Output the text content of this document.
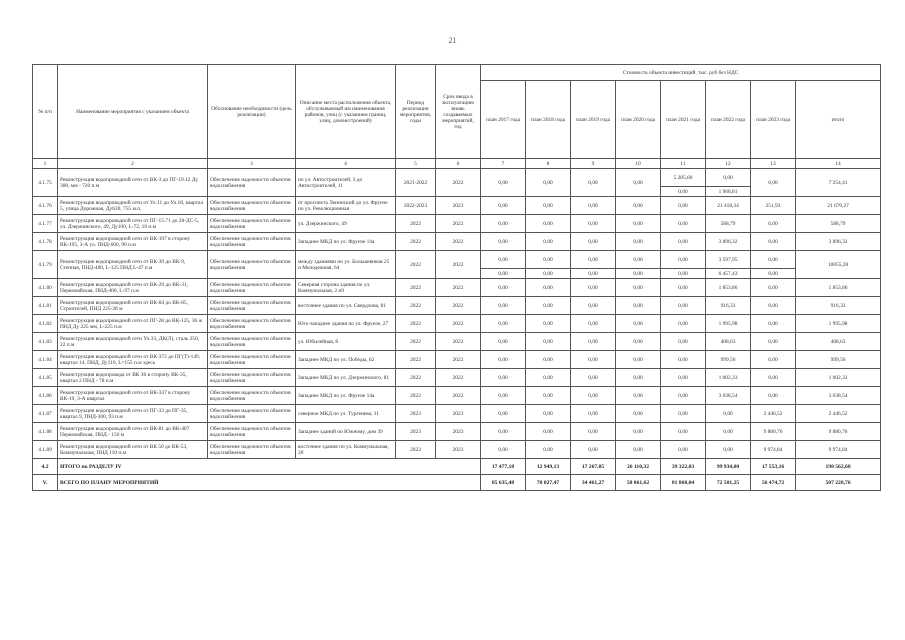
21
№ п/п	Наименование мероприятия с указанием объекта	Обоснование необходимости (цель реализации)	Описание места расположения объекта, обслуживаемый им наименования районов, улиц (с указанием границ, улиц, домов/строений)	Период реализации мероприятия, годы	Срок ввода в эксплуатацию вновь создаваемых мероприятий, год	Стоимость объекта инвестиций, тыс. руб без НДС							
						план 2017 года	план 2018 года	план 2019 года	план 2020 года	план 2021 года	план 2022 года	план 2023 года	итого
1	2	3	4	5	6	7	8	9	10	11	12	13	14
4.1.75	Реконструкция водопроводной сети от ВК-3 до ПГ-19.12 Ду 300, мм - 720 п.м	Обеспечение надежности объектов водоснабжения	по ул. Автостроителей, 3 до Автостроителей, 11	2021-2022	2022	0,00	0,00	0,00	0,00	5 285,60	0,00	0,00	7 254,41
										0,00	1 968,81		
4.1.76	Реконструкция водопроводной сети от Ул.11 до Ул.18, квартал 5, улица Дорожная, Ду630, 755 м.п.	Обеспечение надежности объектов водоснабжения	от проспекта Ленинский до ул. Фрунзе по ул. Революционная	2022-2023	2023	0,00	0,00	0,00	0,00	0,00	21 418,34	251,93	21 670,27
4.1.77	Реконструкция водопроводной сети от ПГ-15.71 до 28-ДС-5, ул. Дзержинского, 49, Ду100, L-72, 10 п.м	Обеспечение надежности объектов водоснабжения	ул. Дзержинского, 49	2022	2022	0,00	0,00	0,00	0,00	0,00	588,79	0,00	588,79
4.1.78	Реконструкция водопроводной сети от ВК-197 в сторону ВК-195, 3-А ул. ПНД-600, 96 п.м	Обеспечение надежности объектов водоснабжения	Западнее МКД по ул. Фрунзе 14а	2022	2022	0,00	0,00	0,00	0,00	0,00	3 896,32	0,00	3 896,32
4.1.79	Реконструкция водопроводной сети от ВК-39 до ВК-9, Степная, ПНД-400, L-125 ПНД L-47 п.м	Обеспечение надежности объектов водоснабжения	между зданиями по ул. Большевиков 25 и Молодежная, 64	2022	2022	0,00	0,00	0,00	0,00	0,00	3 597,95	0,00	10055,28
						0,00	0,00	0,00	0,00	0,00	6 457,43	0,00	
4.1.80	Реконструкция водопроводной сети от ВК-29 до ВК-31, Первомайская, ПНД-400, L-97 п.м	Обеспечение надежности объектов водоснабжения	Северная сторона здания по ул. Коммунальная, 2 н9	2022	2022	0,00	0,00	0,00	0,00	0,00	1 853,86	0,00	1 853,86
4.1.81	Реконструкция водопроводной сети от ВК-84 до ВК-85, Строителей, ПНД 225-28 м	Обеспечение надежности объектов водоснабжения	восточнее здания по ул. Свердлова, 81	2022	2022	0,00	0,00	0,00	0,00	0,00	916,33	0,00	916,33
4.1.82	Реконструкция водопроводной сети от ПГ-28 до ВК-125, 36 ж ПНД Ду 225 мм, L-225 п.м	Обеспечение надежности объектов водоснабжения	Юго-западнее здания по ул. Фрунзе, 27	2022	2022	0,00	0,00	0,00	0,00	0,00	1 995,98	0,00	1 995,98
4.1.83	Реконструкция водопроводной сети Ул.33, ДК(Л), сталь 250, 22 п.м	Обеспечение надежности объектов водоснабжения	ул. Юбилейная, 8	2022	2022	0,00	0,00	0,00	0,00	0,00	408,63	0,00	408,63
4.1.84	Реконструкция водопроводной сети от ВК-372 до ПГ(Т)-149, квартал 14, ПНД, Ду110, L=155 п.м здесь	Обеспечение надежности объектов водоснабжения	Западнее МКД по ул. Победы, 62	2022	2022	0,00	0,00	0,00	0,00	0,00	999,56	0,00	999,56
4.1.85	Реконструкция водопровода от ВК 36 в сторону ВК-35, квартал 2 ПНД - 78 п.м	Обеспечение надежности объектов водоснабжения	Западнее МКД по ул. Дзержинского, 81	2022	2022	0,00	0,00	0,00	0,00	0,00	1 002,33	0,00	1 002,33
4.1.86	Реконструкция водопроводной сети от ВК-337 в сторону ВК-19, 3-А квартал	Обеспечение надежности объектов водоснабжения	Западнее МКД по ул. Фрунзе 14а	2022	2022	0,00	0,00	0,00	0,00	0,00	3 038,54	0,00	3 038,54
4.1.87	Реконструкция водопроводной сети от ПГ-33 до ПГ-35, квартал 9, ПНД-300, 93 п.м	Обеспечение надежности объектов водоснабжения	северное МКД по ул. Тургенева, 11	2023	2023	0,00	0,00	0,00	0,00	0,00	0,00	2 446,52	2 446,52
4.1.88	Реконструкция водопроводной сети от ВК-81 до ВК-407 Первомайская, ПНД - 150 м	Обеспечение надежности объектов водоснабжения	Западнее зданий по Южному, дом 39	2023	2023	0,00	0,00	0,00	0,00	0,00	0,00	9 880,76	9 880,76
4.1.89	Реконструкция водопроводной сети от ВК 50 до ВК-53, Коммунальная, ПНД 110 п.м	Обеспечение надежности объектов водоснабжения	восточнее здания по ул. Коммунальная, 20	2023	2023	0,00	0,00	0,00	0,00	0,00	0,00	9 974,84	9 974,84
4.2	ИТОГО по РАЗДЕЛУ IV					17 477,18	12 949,13	17 267,05	26 110,32	39 322,03	99 934,00	17 553,16	198 562,68
V.	ВСЕГО ПО ПЛАНУ МЕРОПРИЯТИЙ					85 635,48	70 027,47	34 461,27	58 861,62	81 868,04	72 501,25	56 474,72	507 228,76
